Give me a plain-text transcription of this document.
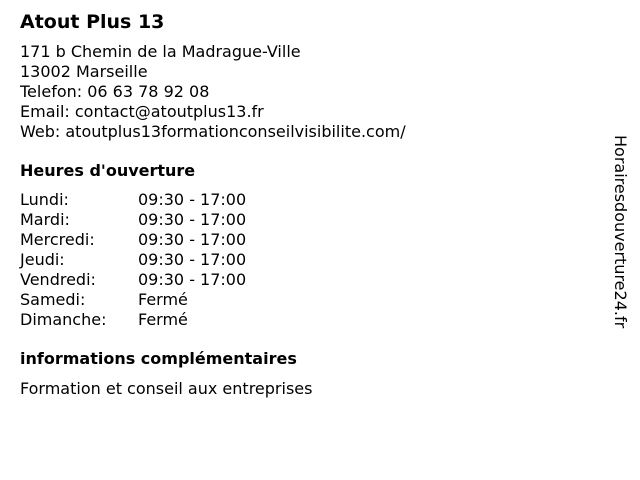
Atout Plus 13
171 b Chemin de la Madrague-Ville
13002 Marseille
Telefon: 06 63 78 92 08
Email: contact@atoutplus13.fr
Web: atoutplus13formationconseilvisibilite.com/
Heures d'ouverture
Lundi:	09:30 - 17:00
Mardi:	09:30 - 17:00
Mercredi:	09:30 - 17:00
Jeudi:	09:30 - 17:00
Vendredi:	09:30 - 17:00
Samedi:	Fermé
Dimanche:	Fermé
informations complémentaires
Formation et conseil aux entreprises
Horairesdouverture24.fr
